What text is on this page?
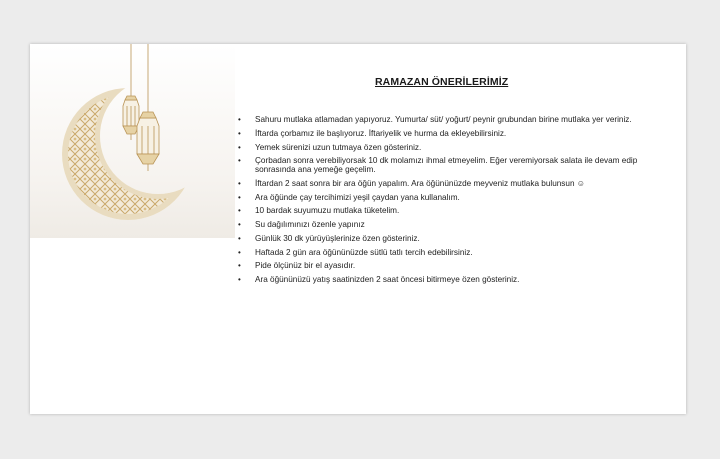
RAMAZAN ÖNERİLERİMİZ
• Sahuru mutlaka atlamadan yapıyoruz. Yumurta/ süt/ yoğurt/ peynir grubundan birine mutlaka yer veriniz.
• İftarda çorbamız ile başlıyoruz. İftariyelik ve hurma da ekleyebilirsiniz.
• Yemek sürenizi uzun tutmaya özen gösteriniz.
• Çorbadan sonra verebiliyorsak 10 dk molamızı ihmal etmeyelim. Eğer veremiyorsak salata ile devam edip sonrasında ana yemeğe geçelim.
• İftardan 2 saat sonra bir ara öğün yapalım. Ara öğününüzde meyveniz mutlaka bulunsun ☺
• Ara öğünde çay tercihimizi yeşil çaydan yana kullanalım.
• 10 bardak suyumuzu mutlaka tüketelim.
• Su dağılımınızı özenle yapınız
• Günlük 30 dk yürüyüşlerinize özen gösteriniz.
• Haftada 2 gün ara öğününüzde sütlü tatlı tercih edebilirsiniz.
• Pide ölçünüz bir el ayasıdır.
• Ara öğününüzü yatış saatinizden 2 saat öncesi bitirmeye özen gösteriniz.
